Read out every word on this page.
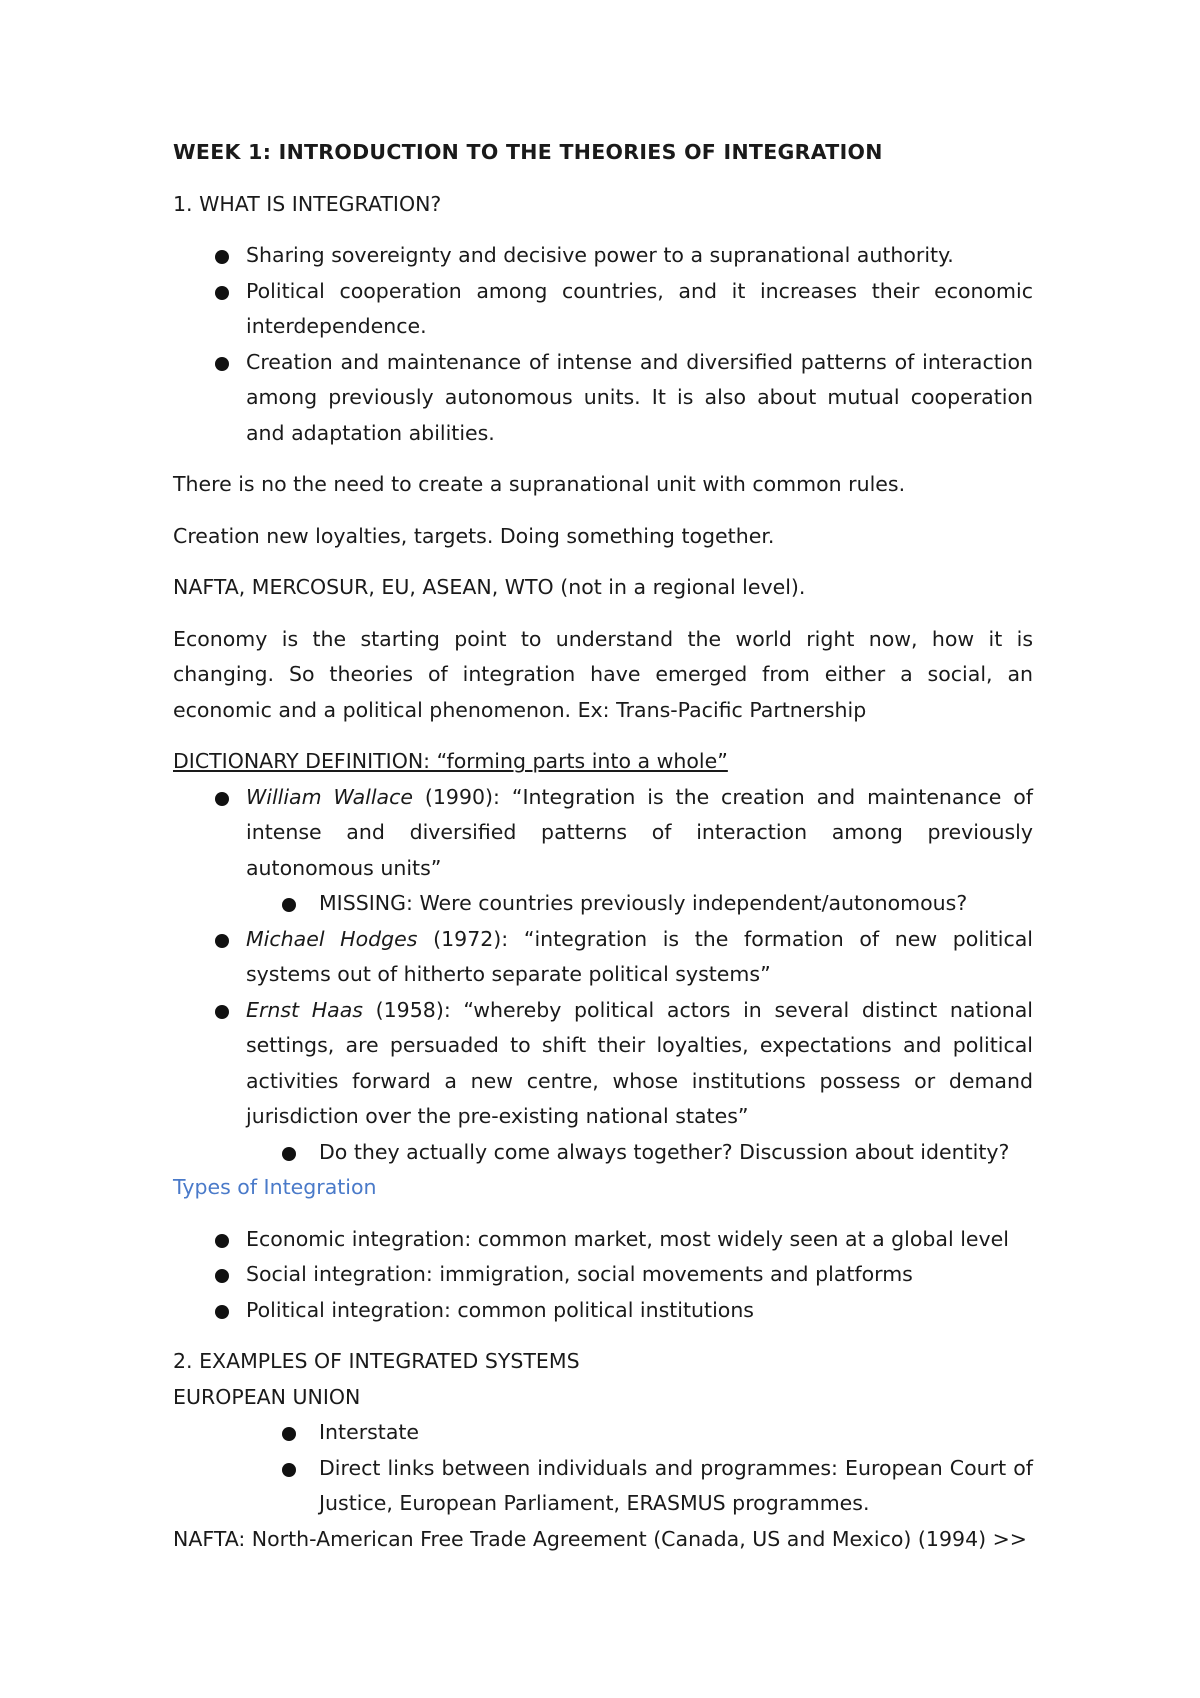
WEEK 1: INTRODUCTION TO THE THEORIES OF INTEGRATION

1. WHAT IS INTEGRATION?

Sharing sovereignty and decisive power to a supranational authority.
Political cooperation among countries, and it increases their economic interdependence.
Creation and maintenance of intense and diversified patterns of interaction among previously autonomous units. It is also about mutual cooperation and adaptation abilities.

There is no the need to create a supranational unit with common rules.

Creation new loyalties, targets. Doing something together.

NAFTA, MERCOSUR, EU, ASEAN, WTO (not in a regional level).

Economy is the starting point to understand the world right now, how it is changing. So theories of integration have emerged from either a social, an economic and a political phenomenon. Ex: Trans-Pacific Partnership

DICTIONARY DEFINITION: “forming parts into a whole”

William Wallace (1990): “Integration is the creation and maintenance of intense and diversified patterns of interaction among previously autonomous units”
MISSING: Were countries previously independent/autonomous?
Michael Hodges (1972): “integration is the formation of new political systems out of hitherto separate political systems”
Ernst Haas (1958): “whereby political actors in several distinct national settings, are persuaded to shift their loyalties, expectations and political activities forward a new centre, whose institutions possess or demand jurisdiction over the pre-existing national states”
Do they actually come always together? Discussion about identity?

Types of Integration

Economic integration: common market, most widely seen at a global level
Social integration: immigration, social movements and platforms
Political integration: common political institutions

2. EXAMPLES OF INTEGRATED SYSTEMS

EUROPEAN UNION

Interstate
Direct links between individuals and programmes: European Court of Justice, European Parliament, ERASMUS programmes.

NAFTA: North-American Free Trade Agreement (Canada, US and Mexico) (1994) >>
